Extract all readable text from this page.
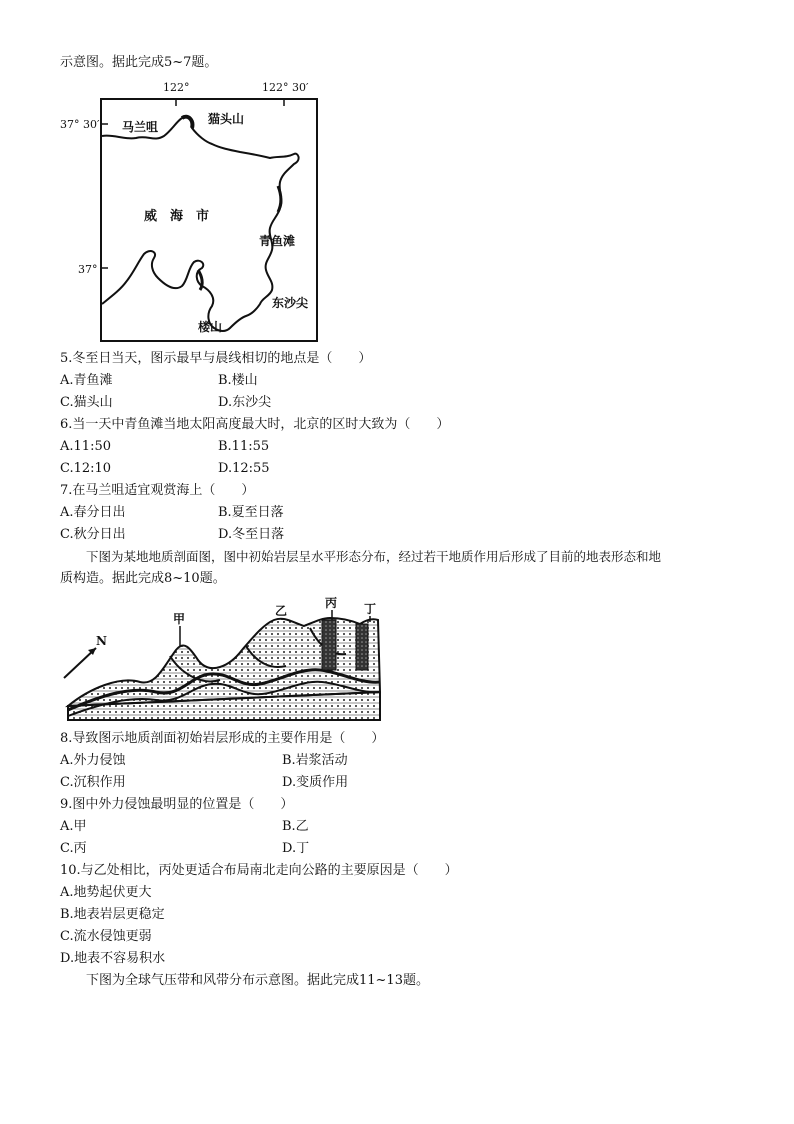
示意图。据此完成5~7题。
122°	122° 30′
37° 30′
37°
马兰咀
猫头山
威　海　市
青鱼滩
东沙尖
楼山
5.冬至日当天，图示最早与晨线相切的地点是（　　）
A.青鱼滩	B.楼山
C.猫头山	D.东沙尖
6.当一天中青鱼滩当地太阳高度最大时，北京的区时大致为（　　）
A.11:50	B.11:55
C.12:10	D.12:55
7.在马兰咀适宜观赏海上（　　）
A.春分日出	B.夏至日落
C.秋分日出	D.冬至日落
下图为某地地质剖面图，图中初始岩层呈水平形态分布，经过若干地质作用后形成了目前的地表形态和地
质构造。据此完成8~10题。
N
甲
乙
丙 丁
8.导致图示地质剖面初始岩层形成的主要作用是（　　）
A.外力侵蚀	B.岩浆活动
C.沉积作用	D.变质作用
9.图中外力侵蚀最明显的位置是（　　）
A.甲	B.乙
C.丙	D.丁
10.与乙处相比，丙处更适合布局南北走向公路的主要原因是（　　）
A.地势起伏更大
B.地表岩层更稳定
C.流水侵蚀更弱
D.地表不容易积水
下图为全球气压带和风带分布示意图。据此完成11~13题。
